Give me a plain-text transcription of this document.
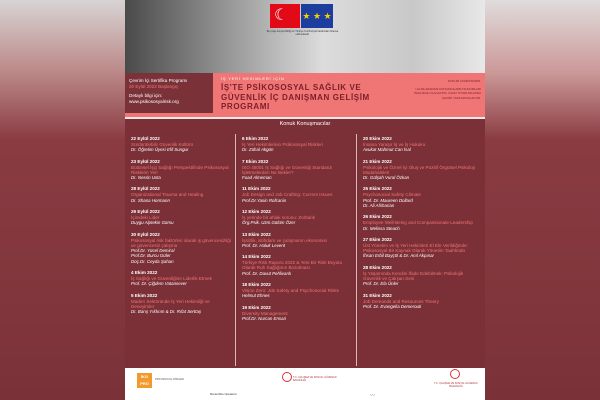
☾ ★ ★ ★
Bu proje Avrupa Birliği ve Türkiye Cumhuriyeti tarafından finanse edilmektedir.
Çevrim İçi Sertifika Programı
20 Eylül 2022 Başlangıç
Detaylı bilgi için:
www.psikososyalrisk.org
İŞ YERİ HEKİMLERİ İÇİN
İŞ'TE PSİKOSOSYAL SAĞLIK VE GÜVENLİK İÇ DANIŞMAN GELİŞİM PROGRAMI

KATILIM ÜCRETSİZDİR.

ULUSLARARASI KATILIMCILARIN SUNUMLARI İNGİLİZCE OLACAKTIR. CANLI OTURUMLARDA ÇEVİRİ YAPILMAYACAKTIR.

Konuk Konuşmacılar
22 Eylül 2022
Sürdürülebilir Güvenlik Kültürü
Dr. Öğretim Üyesi Elif Sungur
23 Eylül 2022
Bütünsel İşçi Sağlığı Perspektifinde Psikososyal Risklerin Yeri
Dr. Nesrin Usta
28 Eylül 2022
Organizational Trauma and Healing
Dr. Shana Hormann
29 Eylül 2022
İçimdeki Lider
Duygu Alptekin Gürsu
30 Eylül 2022
Psikososyal risk faktörleri olarak iş güvencesizliği ve güvencesiz çalışma
Prof.Dr. Yücel Demiral
Prof.Dr. Burcu Güler
Doç.Dr. Ceyda Şahan
4 Ekim 2022
İş Sağlığı ve Güvenliğine Liderlik Etmek
Prof. Dr. Çiğdem Vatansever
5 Ekim 2022
Maden Sektöründe İş Yeri Hekimliği ve Deneyimler
Dr. Barış Yıldırım & Dr. Rıfat Serttaş
6 Ekim 2022
İş Yeri Hekimlerinin Psikososyal Riskleri
Dr. Zühal Akgün
7 Ekim 2022
ISO 45001 İş Sağlığı ve Güvenliği Standardı İşletmelerden Ne Bekler?
Fuad Almeman
11 Ekim 2022
Job Design and Job Crafting: Current Issues
Prof.Dr.Yasin Rofcanin
12 Ekim 2022
İş yerinde bir ahlak sorunu: Zorbalık
Örg.Psik. Uzm.Gülüm Özer
13 Ekim 2022
İşsizlik, istihdam ve çalışmanın ekonomisi
Prof. Dr. Haluk Levent
14 Ekim 2022
Türkiye Risk Raporu 2022 & Yeni Bir Risk Boyutu Olarak Ruh Sağlığının Bozulması
Prof. Dr. Davut Pehlivanlı
18 Ekim 2022
Vision Zero: Job Safety and Psychosocial Risks
Helmut Ehnes
19 Ekim 2022
Diversity Management
Prof.Dr. Nurcan Ensari
20 Ekim 2022
İnsana Yaraşır İş ve İş Hukuku
Avukat Mahmut Can İsal
21 Ekim 2022
Psikolojik ve Öznel İyi Oluş ve Pozitif Örgütsel Psikoloji Müdahaleleri
Dr. Gülşah Vural Özkan
25 Ekim 2022
Psychosocial Safety Climate
Prof. Dr. Maureen Dollard
Dr. Ali Afsharian
26 Ekim 2022
Employee Well-Being and Compassionate Leadership
Dr. Melissa Steach
27 Ekim 2022
Üst Yönetim ve İş Yeri Hekimleri El Ele Verildiğinde: Psikososyal Bir Kaynak Olarak Yönetim Taahhüdü
İhsan Erbil Bayçöl & Dr. Anıl Akpınar
28 Ekim 2022
İş Yaşamında Kendini İfade Edebilmek: Psikolojik Güvenlik ve Çalışan Sesi
Prof. Dr. Ela Ünler
31 Ekim 2022
Job Demands and Resources Theory
Prof. Dr. Evangelia Demerouti
İKG PRO
PSİKOSOSYAL RİSKLER
Mental Wise Operations
T.C. ÇALIŞMA VE SOSYAL GÜVENLİK BAKANLIĞI
〰
T.C. ÇALIŞMA VE SOSYAL GÜVENLİK BAKANLIĞI
